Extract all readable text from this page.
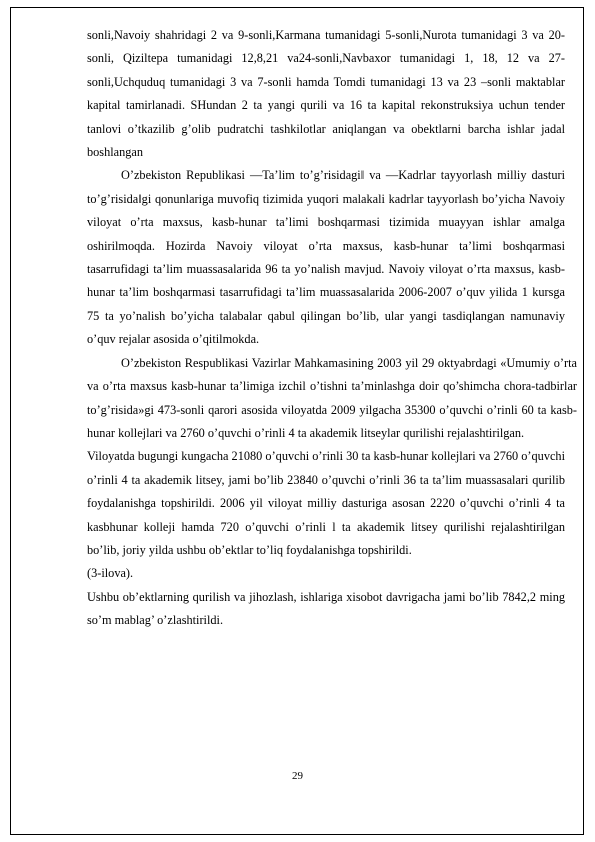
sonli,Navoiy shahridagi 2 va 9-sonli,Karmana tumanidagi 5-sonli,Nurota tumanidagi 3 va 20-sonli, Qiziltepa tumanidagi 12,8,21 va24-sonli,Navbaxor tumanidagi 1, 18, 12 va 27-sonli,Uchquduq tumanidagi 3 va 7-sonli hamda Tomdi tumanidagi 13 va 23 –sonli maktablar kapital tamirlanadi. SHundan 2 ta yangi qurili va 16 ta kapital rekonstruksiya uchun tender tanlovi o’tkazilib g’olib pudratchi tashkilotlar aniqlangan va obektlarni barcha ishlar jadal boshlangan

O’zbekiston Republikasi ―Ta’lim to’g’risidagi‖ va ―Kadrlar tayyorlash milliy dasturi to’g’risida‖gi qonunlariga muvofiq tizimida yuqori malakali kadrlar tayyorlash bo’yicha Navoiy viloyat o’rta maxsus, kasb-hunar ta’limi boshqarmasi tizimida muayyan ishlar amalga oshirilmoqda. Hozirda Navoiy viloyat o’rta maxsus, kasb-hunar ta’limi boshqarmasi tasarrufidagi ta’lim muassasalarida 96 ta yo’nalish mavjud. Navoiy viloyat o’rta maxsus, kasb-hunar ta’lim boshqarmasi tasarrufidagi ta’lim muassasalarida 2006-2007 o’quv yilida 1 kursga 75 ta yo’nalish bo’yicha talabalar qabul qilingan bo’lib, ular yangi tasdiqlangan namunaviy o’quv rejalar asosida o’qitilmokda.

O’zbekiston Respublikasi Vazirlar Mahkamasining 2003 yil 29 oktyabrdagi «Umumiy o’rta va o’rta maxsus kasb-hunar ta’limiga izchil o’tishni ta’minlashga doir qo’shimcha chora-tadbirlar to’g’risida»gi 473-sonli qarori asosida viloyatda 2009 yilgacha 35300 o’quvchi o’rinli 60 ta kasb-hunar kollejlari va 2760 o’quvchi o’rinli 4 ta akademik litseylar qurilishi rejalashtirilgan.

Viloyatda bugungi kungacha 21080 o’quvchi o’rinli 30 ta kasb-hunar kollejlari va 2760 o’quvchi o’rinli 4 ta akademik litsey, jami bo’lib 23840 o’quvchi o’rinli 36 ta ta’lim muassasalari qurilib foydalanishga topshirildi. 2006 yil viloyat milliy dasturiga asosan 2220 o’quvchi o’rinli 4 ta kasbhunar kolleji hamda 720 o’quvchi o’rinli l ta akademik litsey qurilishi rejalashtirilgan bo’lib, joriy yilda ushbu ob’ektlar to’liq foydalanishga topshirildi.

(3-ilova).

Ushbu ob’ektlarning qurilish va jihozlash, ishlariga xisobot davrigacha jami bo’lib 7842,2 ming so’m mablag’ o’zlashtirildi.

29
